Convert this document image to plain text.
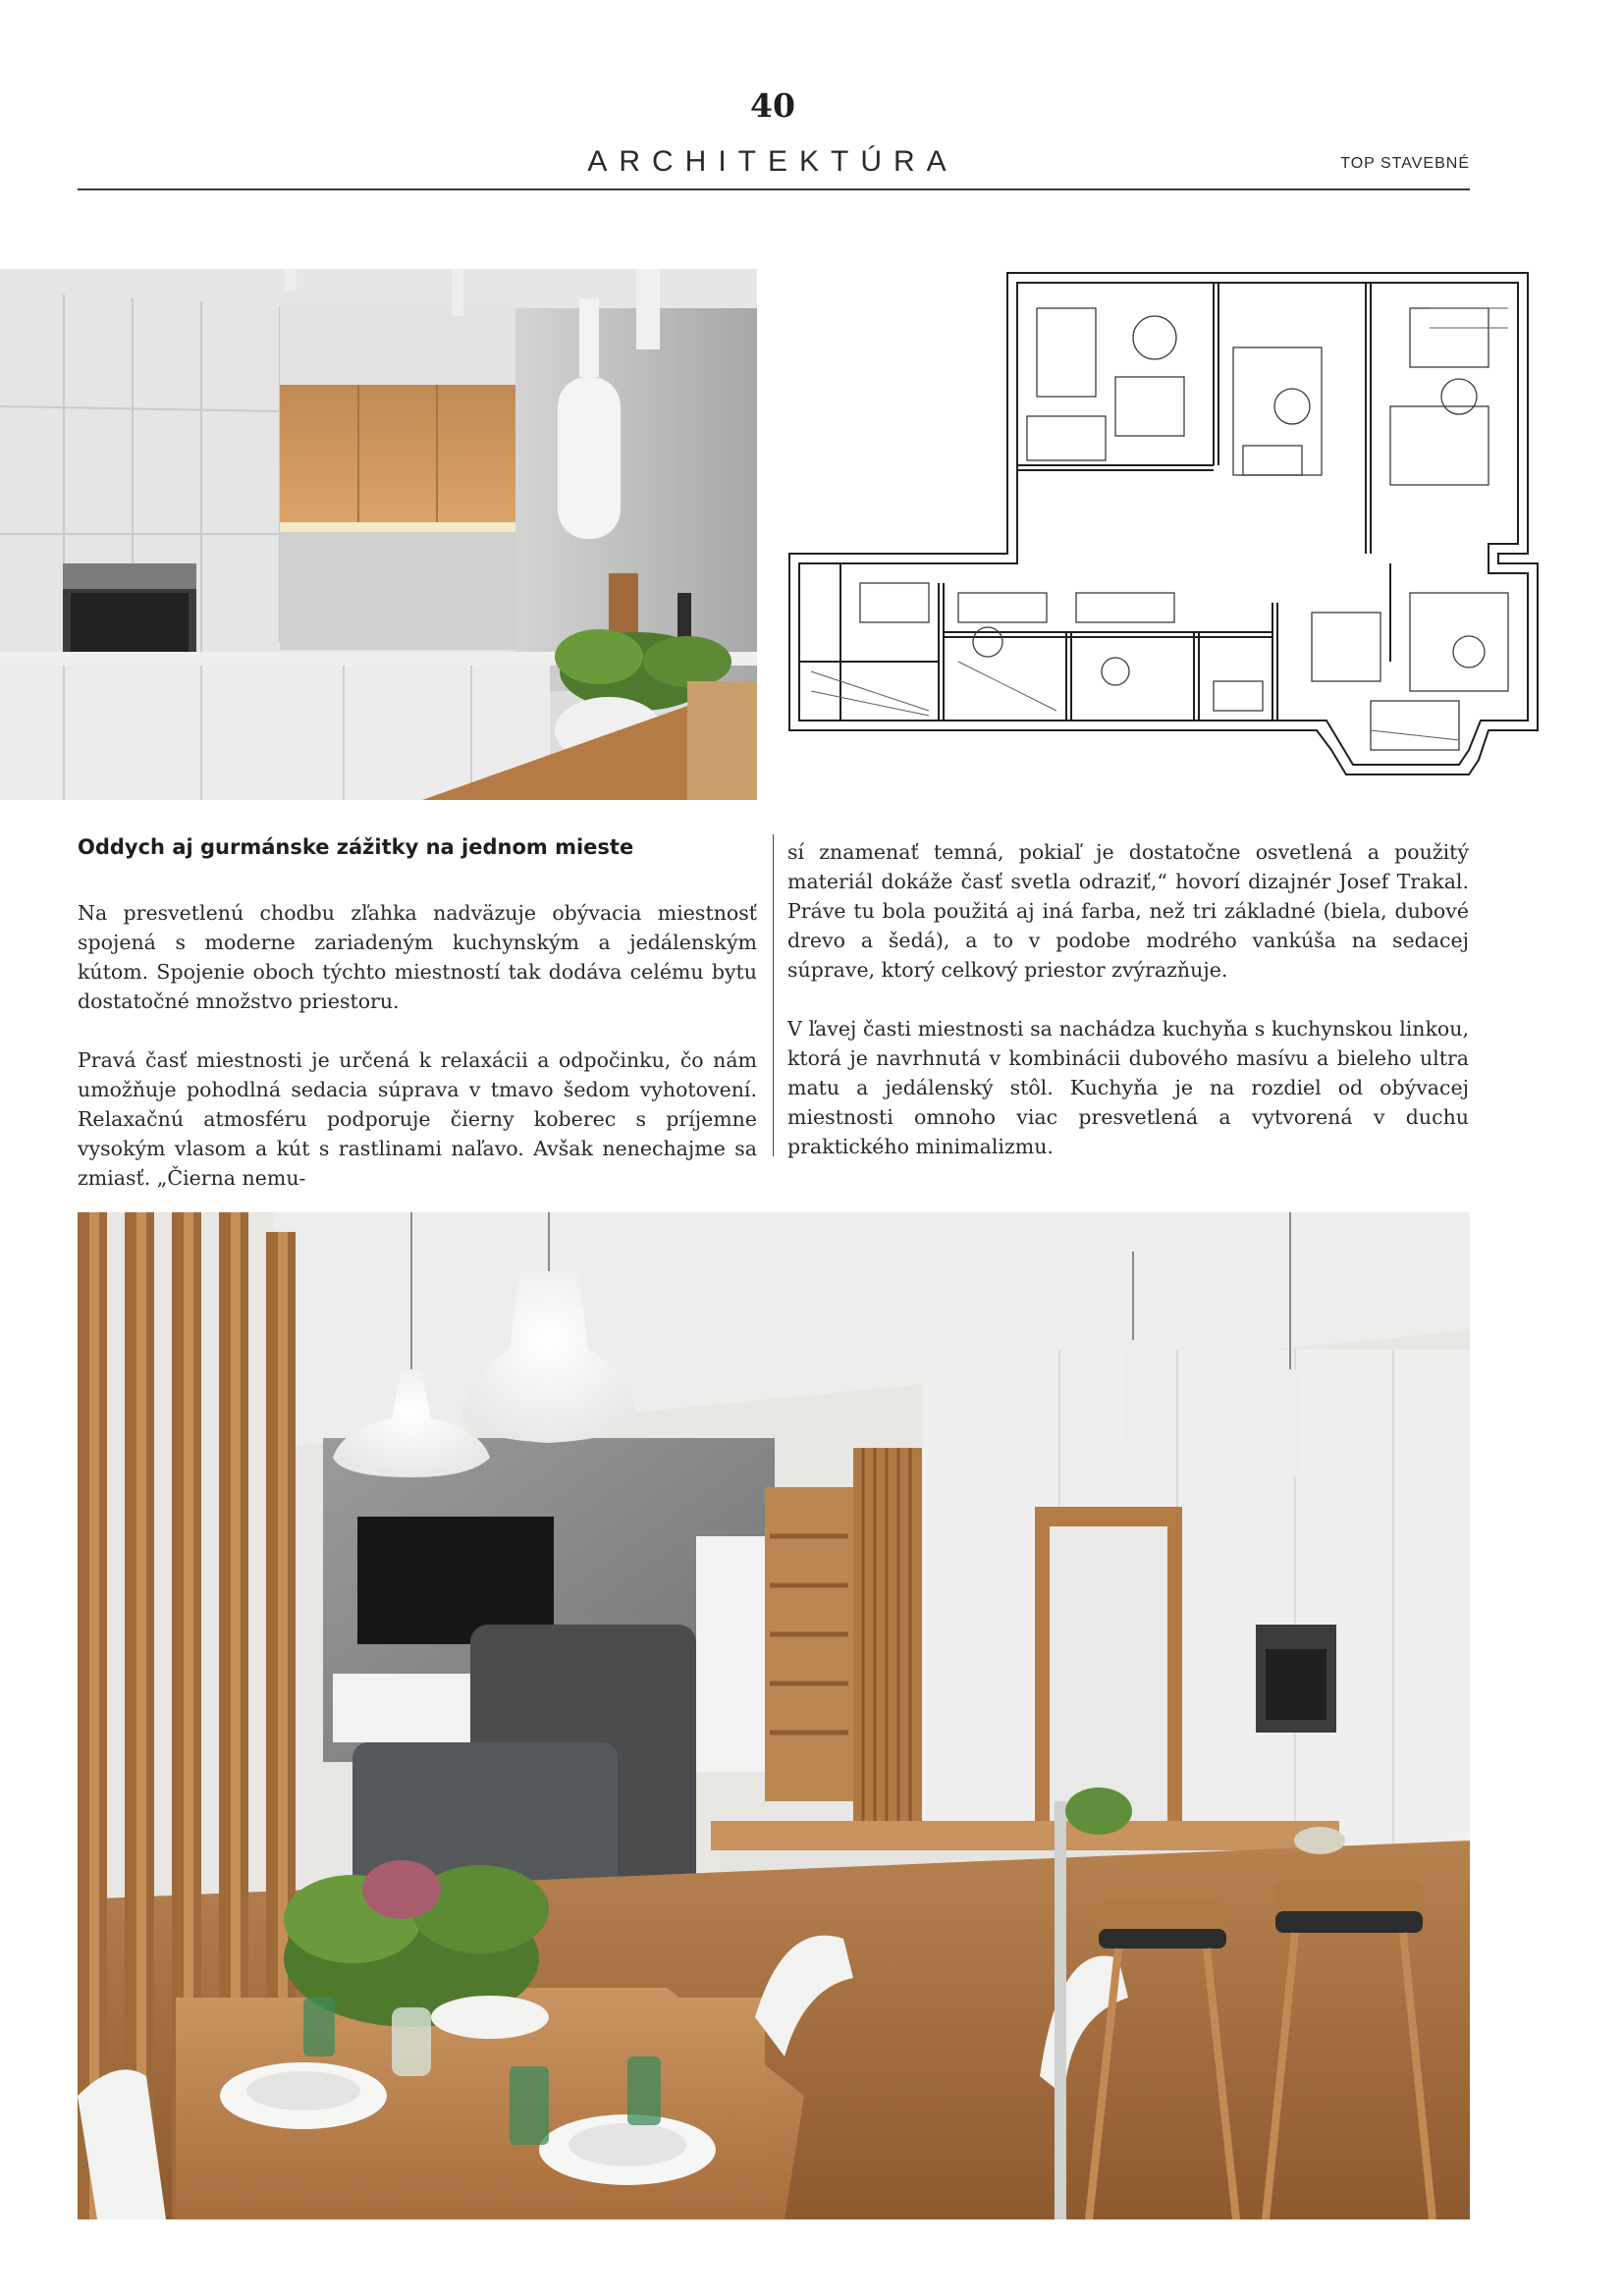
40
ARCHITEKTÚRA	TOP STAVEBNÉ
Oddych aj gurmánske zážitky na jednom mieste

Na presvetlenú chodbu zľahka nadväzuje obývacia miestnosť spojená s moderne zariadeným kuchynským a jedálenským kútom. Spojenie oboch týchto miestností tak dodáva celému bytu dostatočné množstvo priestoru.

Pravá časť miestnosti je určená k relaxácii a odpočinku, čo nám umožňuje pohodlná sedacia súprava v tmavo šedom vyhotovení. Relaxačnú atmosféru podporuje čierny koberec s príjemne vysokým vlasom a kút s rastlinami naľavo. Avšak nenechajme sa zmiasť. „Čierna nemu-

sí znamenať temná, pokiaľ je dostatočne osvetlená a použitý materiál dokáže časť svetla odraziť,“ hovorí dizajnér Josef Trakal. Práve tu bola použitá aj iná farba, než tri základné (biela, dubové drevo a šedá), a to v podobe modrého vankúša na sedacej súprave, ktorý celkový priestor zvýrazňuje.

V ľavej časti miestnosti sa nachádza kuchyňa s kuchynskou linkou, ktorá je navrhnutá v kombinácii dubového masívu a bieleho ultra matu a jedálenský stôl. Kuchyňa je na rozdiel od obývacej miestnosti omnoho viac presvetlená a vytvorená v duchu praktického minimalizmu.
